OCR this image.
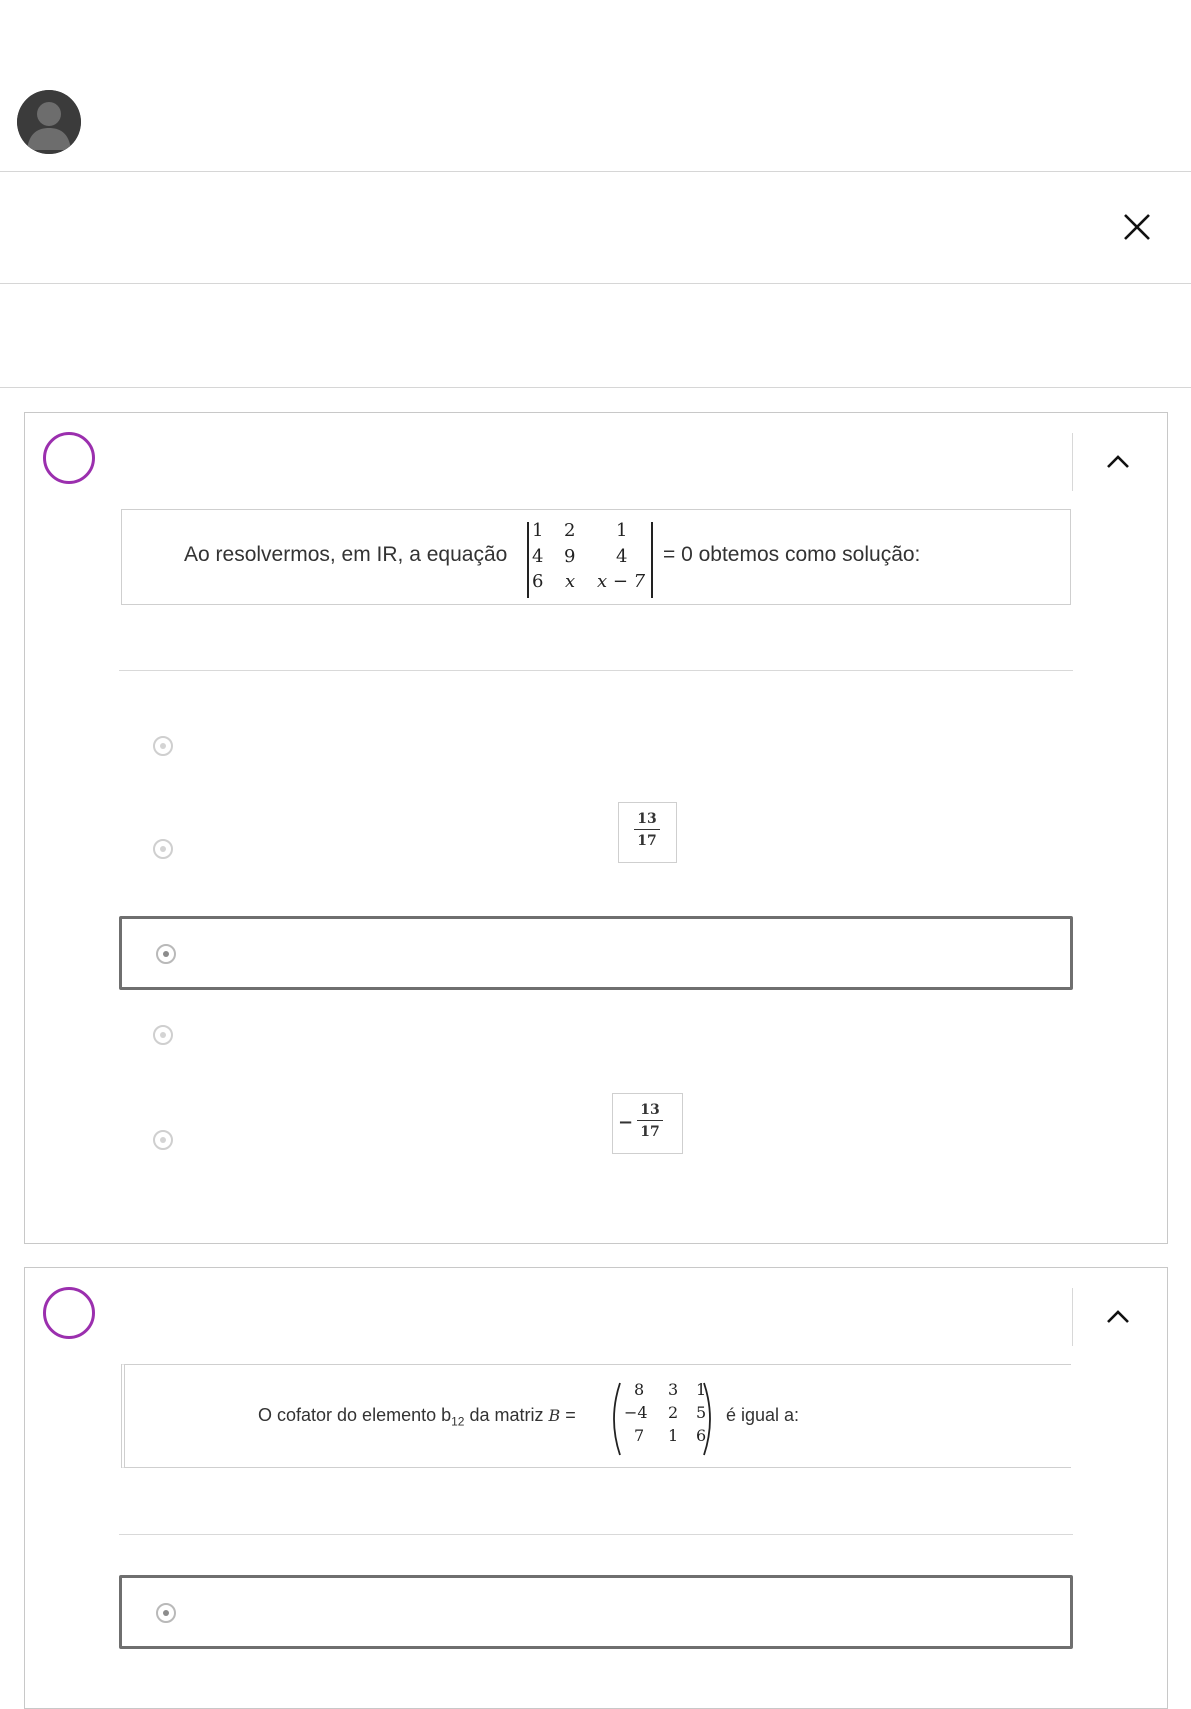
Ao resolvermos, em IR, a equação
1 2 1
4 9 4
6 x x − 7
= 0 obtemos como solução:
$\frac{13}{17}$
− $\frac{13}{17}$
O cofator do elemento $b_{12}$ da matriz B =
8 3 1
−4 2 5
7 1 6
é igual a:
